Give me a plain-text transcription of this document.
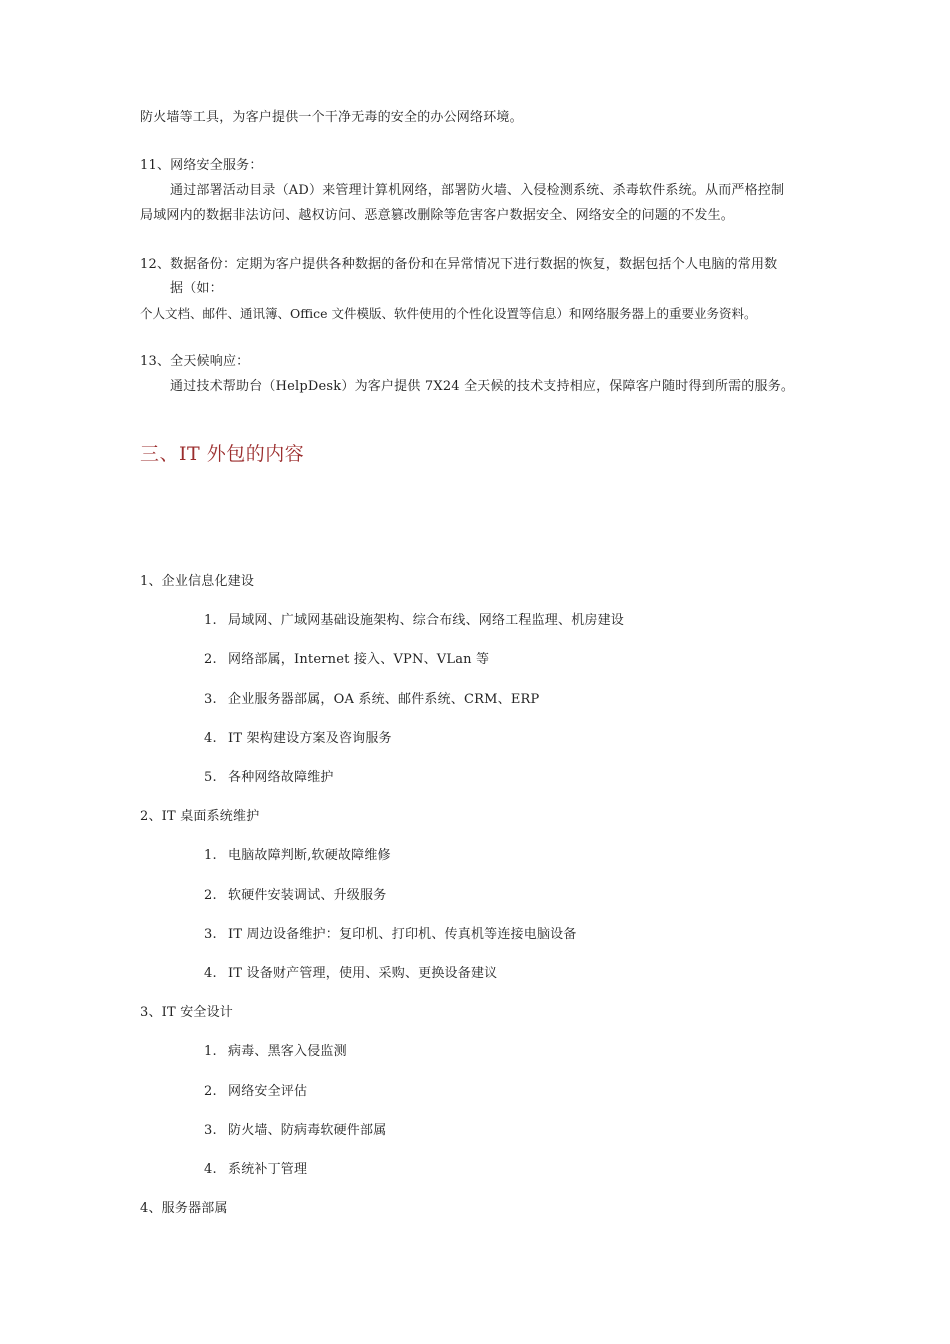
防火墙等工具，为客户提供一个干净无毒的安全的办公网络环境。
11、网络安全服务：
通过部署活动目录（AD）来管理计算机网络，部署防火墙、入侵检测系统、杀毒软件系统。从而严格控制
局域网内的数据非法访问、越权访问、恶意篡改删除等危害客户数据安全、网络安全的问题的不发生。
12、数据备份：定期为客户提供各种数据的备份和在异常情况下进行数据的恢复，数据包括个人电脑的常用数
据（如：
个人文档、邮件、通讯簿、Office 文件模版、软件使用的个性化设置等信息）和网络服务器上的重要业务资料。
13、全天候响应：
通过技术帮助台（HelpDesk）为客户提供 7X24 全天候的技术支持相应，保障客户随时得到所需的服务。
三、IT 外包的内容
1、企业信息化建设
1. 局域网、广域网基础设施架构、综合布线、网络工程监理、机房建设
2. 网络部属，Internet 接入、VPN、VLan 等
3. 企业服务器部属，OA 系统、邮件系统、CRM、ERP
4. IT 架构建设方案及咨询服务
5. 各种网络故障维护
2、IT 桌面系统维护
1. 电脑故障判断,软硬故障维修
2. 软硬件安装调试、升级服务
3. IT 周边设备维护：复印机、打印机、传真机等连接电脑设备
4. IT 设备财产管理，使用、采购、更换设备建议
3、IT 安全设计
1. 病毒、黑客入侵监测
2. 网络安全评估
3. 防火墙、防病毒软硬件部属
4. 系统补丁管理
4、服务器部属
